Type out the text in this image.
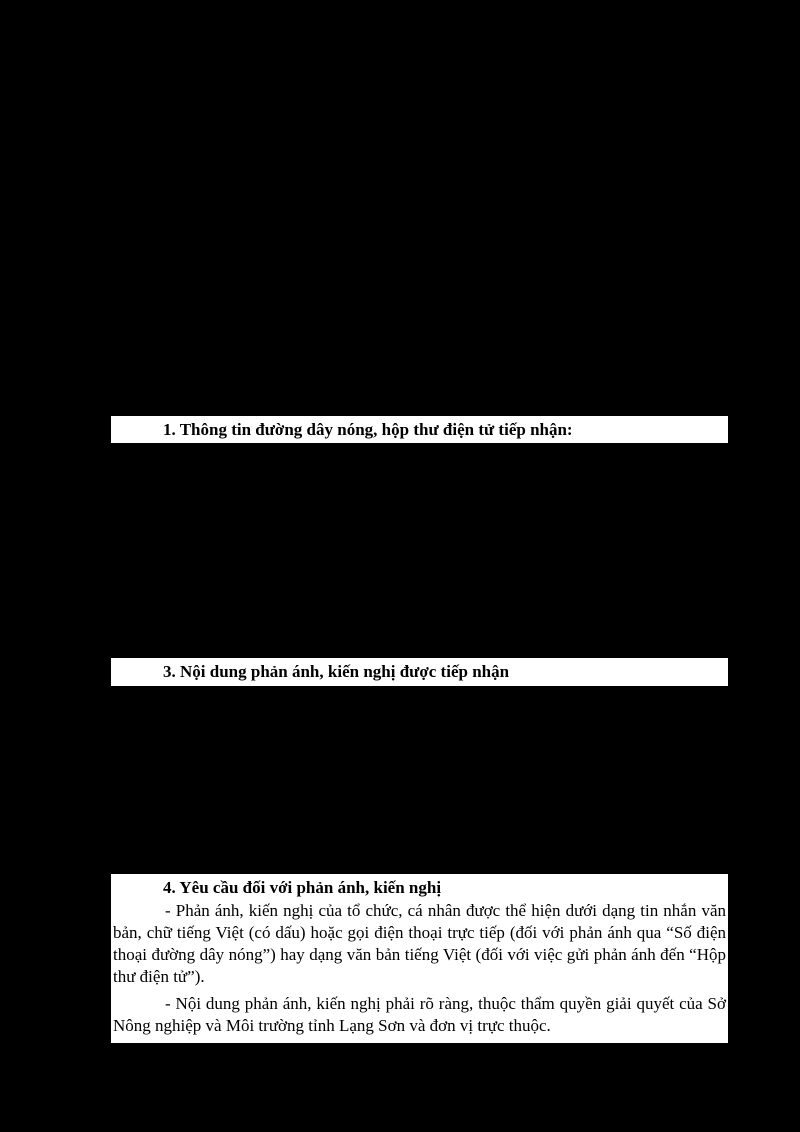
1. Thông tin đường dây nóng, hộp thư điện tử tiếp nhận:
3. Nội dung phản ánh, kiến nghị được tiếp nhận
4. Yêu cầu đối với phản ánh, kiến nghị

- Phản ánh, kiến nghị của tổ chức, cá nhân được thể hiện dưới dạng tin nhắn văn bản, chữ tiếng Việt (có dấu) hoặc gọi điện thoại trực tiếp (đối với phản ánh qua “Số điện thoại đường dây nóng”) hay dạng văn bản tiếng Việt (đối với việc gửi phản ánh đến “Hộp thư điện tử”).

- Nội dung phản ánh, kiến nghị phải rõ ràng, thuộc thẩm quyền giải quyết của Sở Nông nghiệp và Môi trường tỉnh Lạng Sơn và đơn vị trực thuộc.
